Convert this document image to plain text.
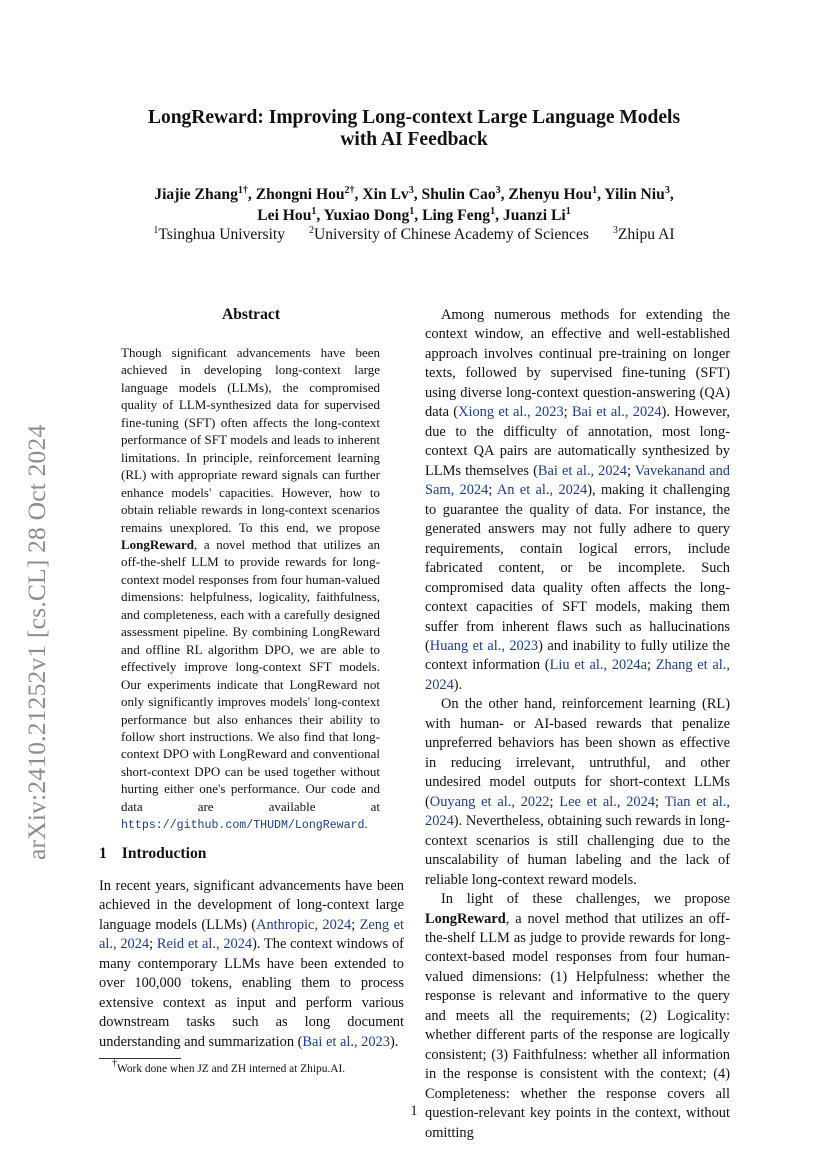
arXiv:2410.21252v1 [cs.CL] 28 Oct 2024
LongReward: Improving Long-context Large Language Models
with AI Feedback
Jiajie Zhang$^{1\dagger}$, Zhongni Hou$^{2\dagger}$, Xin Lv$^3$, Shulin Cao$^3$, Zhenyu Hou$^1$, Yilin Niu$^3$,
Lei Hou$^1$, Yuxiao Dong$^1$, Ling Feng$^1$, Juanzi Li$^1$
$^1$Tsinghua University $^2$University of Chinese Academy of Sciences $^3$Zhipu AI
Abstract
Though significant advancements have been achieved in developing long-context large language models (LLMs), the compromised quality of LLM-synthesized data for supervised fine-tuning (SFT) often affects the long-context performance of SFT models and leads to inherent limitations. In principle, reinforcement learning (RL) with appropriate reward signals can further enhance models' capacities. However, how to obtain reliable rewards in long-context scenarios remains unexplored. To this end, we propose LongReward, a novel method that utilizes an off-the-shelf LLM to provide rewards for long-context model responses from four human-valued dimensions: helpfulness, logicality, faithfulness, and completeness, each with a carefully designed assessment pipeline. By combining LongReward and offline RL algorithm DPO, we are able to effectively improve long-context SFT models. Our experiments indicate that LongReward not only significantly improves models' long-context performance but also enhances their ability to follow short instructions. We also find that long-context DPO with LongReward and conventional short-context DPO can be used together without hurting either one's performance. Our code and data are available at https://github.com/THUDM/LongReward.
1 Introduction
In recent years, significant advancements have been achieved in the development of long-context large language models (LLMs) (Anthropic, 2024; Zeng et al., 2024; Reid et al., 2024). The context windows of many contemporary LLMs have been extended to over 100,000 tokens, enabling them to process extensive context as input and perform various downstream tasks such as long document understanding and summarization (Bai et al., 2023).
†Work done when JZ and ZH interned at Zhipu.AI.

Among numerous methods for extending the context window, an effective and well-established approach involves continual pre-training on longer texts, followed by supervised fine-tuning (SFT) using diverse long-context question-answering (QA) data (Xiong et al., 2023; Bai et al., 2024). However, due to the difficulty of annotation, most long-context QA pairs are automatically synthesized by LLMs themselves (Bai et al., 2024; Vavekanand and Sam, 2024; An et al., 2024), making it challenging to guarantee the quality of data. For instance, the generated answers may not fully adhere to query requirements, contain logical errors, include fabricated content, or be incomplete. Such compromised data quality often affects the long-context capacities of SFT models, making them suffer from inherent flaws such as hallucinations (Huang et al., 2023) and inability to fully utilize the context information (Liu et al., 2024a; Zhang et al., 2024).

On the other hand, reinforcement learning (RL) with human- or AI-based rewards that penalize unpreferred behaviors has been shown as effective in reducing irrelevant, untruthful, and other undesired model outputs for short-context LLMs (Ouyang et al., 2022; Lee et al., 2024; Tian et al., 2024). Nevertheless, obtaining such rewards in long-context scenarios is still challenging due to the unscalability of human labeling and the lack of reliable long-context reward models.

In light of these challenges, we propose LongReward, a novel method that utilizes an off-the-shelf LLM as judge to provide rewards for long-context-based model responses from four human-valued dimensions: (1) Helpfulness: whether the response is relevant and informative to the query and meets all the requirements; (2) Logicality: whether different parts of the response are logically consistent; (3) Faithfulness: whether all information in the response is consistent with the context; (4) Completeness: whether the response covers all question-relevant key points in the context, without omitting

1
